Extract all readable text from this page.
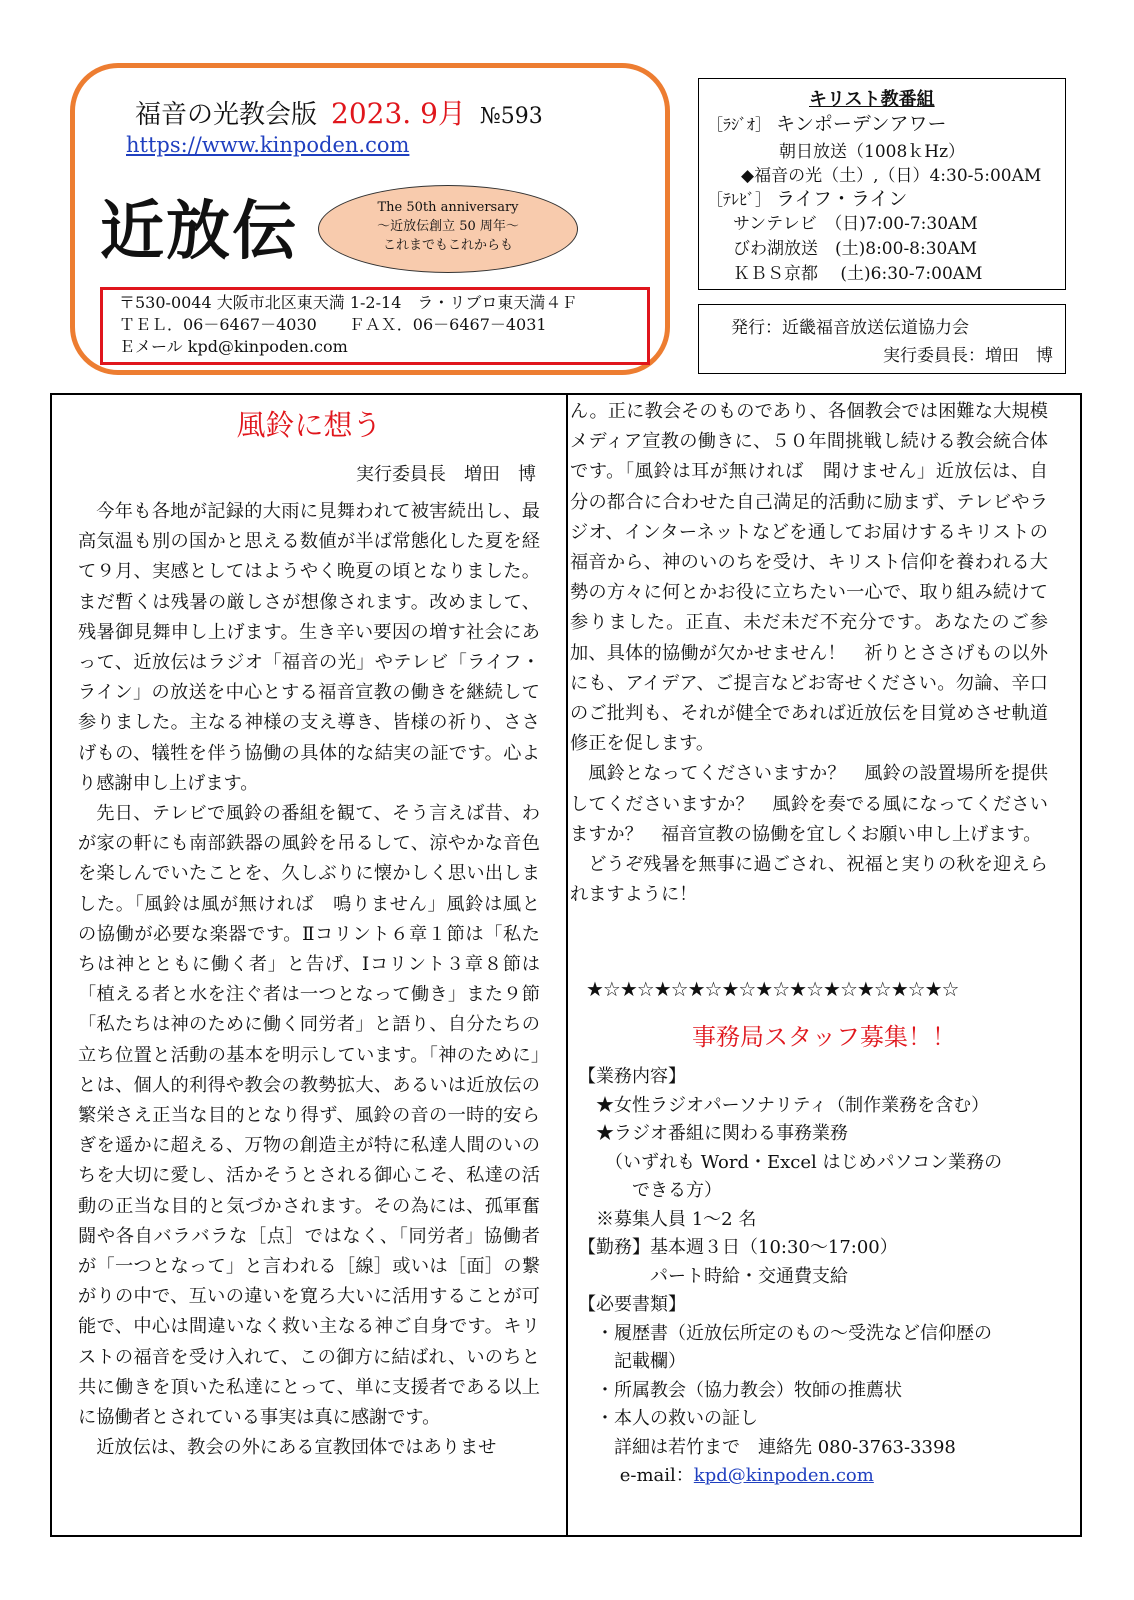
福音の光教会版 2023. 9月 №593
https://www.kinpoden.com
近放伝	The 50th anniversary
～近放伝創立 50 周年～
これまでもこれからも
〒530-0044 大阪市北区東天満 1-2-14　ラ・リブロ東天満４Ｆ
ＴＥＬ．06－6467－4030　　ＦＡＸ．06－6467－4031
Ｅメール kpd@kinpoden.com
キリスト教番組
［ﾗｼﾞｵ］ キンポーデンアワー
朝日放送（1008ｋHz）
◆福音の光（土）,（日）4:30-5:00AM
［ﾃﾚﾋﾞ］ ライフ・ライン
サンテレビ　（日)7:00-7:30AM
びわ湖放送　(土)8:00-8:30AM
ＫＢＳ京都　 (土)6:30-7:00AM
発行：近畿福音放送伝道協力会
実行委員長：増田　博
風鈴に想う
実行委員長　増田　博

今年も各地が記録的大雨に見舞われて被害続出し、最高気温も別の国かと思える数値が半ば常態化した夏を経て９月、実感としてはようやく晩夏の頃となりました。まだ暫くは残暑の厳しさが想像されます。改めまして、残暑御見舞申し上げます。生き辛い要因の増す社会にあって、近放伝はラジオ「福音の光」やテレビ「ライフ・ライン」の放送を中心とする福音宣教の働きを継続して参りました。主なる神様の支え導き、皆様の祈り、ささげもの、犠牲を伴う協働の具体的な結実の証です。心より感謝申し上げます。

先日、テレビで風鈴の番組を観て、そう言えば昔、わが家の軒にも南部鉄器の風鈴を吊るして、涼やかな音色を楽しんでいたことを、久しぶりに懐かしく思い出しました。「風鈴は風が無ければ　鳴りません」風鈴は風との協働が必要な楽器です。Ⅱコリント６章１節は「私たちは神とともに働く者」と告げ、Ⅰコリント３章８節は「植える者と水を注ぐ者は一つとなって働き」また９節「私たちは神のために働く同労者」と語り、自分たちの立ち位置と活動の基本を明示しています。「神のために」とは、個人的利得や教会の教勢拡大、あるいは近放伝の繁栄さえ正当な目的となり得ず、風鈴の音の一時的安らぎを遥かに超える、万物の創造主が特に私達人間のいのちを大切に愛し、活かそうとされる御心こそ、私達の活動の正当な目的と気づかされます。その為には、孤軍奮闘や各自バラバラな［点］ではなく、「同労者」協働者が「一つとなって」と言われる［線］或いは［面］の繋がりの中で、互いの違いを寛ろ大いに活用することが可能で、中心は間違いなく救い主なる神ご自身です。キリストの福音を受け入れて、この御方に結ばれ、いのちと共に働きを頂いた私達にとって、単に支援者である以上に協働者とされている事実は真に感謝です。

近放伝は、教会の外にある宣教団体ではありませ

ん。正に教会そのものであり、各個教会では困難な大規模メディア宣教の働きに、５０年間挑戦し続ける教会統合体です。「風鈴は耳が無ければ　聞けません」近放伝は、自分の都合に合わせた自己満足的活動に励まず、テレビやラジオ、インターネットなどを通してお届けするキリストの福音から、神のいのちを受け、キリスト信仰を養われる大勢の方々に何とかお役に立ちたい一心で、取り組み続けて参りました。正直、未だ未だ不充分です。あなたのご参加、具体的協働が欠かせません！　祈りとささげもの以外にも、アイデア、ご提言などお寄せください。勿論、辛口のご批判も、それが健全であれば近放伝を目覚めさせ軌道修正を促します。

風鈴となってくださいますか？　風鈴の設置場所を提供してくださいますか？　風鈴を奏でる風になってくださいますか？　福音宣教の協働を宜しくお願い申し上げます。

どうぞ残暑を無事に過ごされ、祝福と実りの秋を迎えられますように！

★☆★☆★☆★☆★☆★☆★☆★☆★☆★☆★☆
事務局スタッフ募集！！
【業務内容】
　★女性ラジオパーソナリティ（制作業務を含む）
　★ラジオ番組に関わる事務業務
　　（いずれも Word・Excel はじめパソコン業務の
　　　できる方）
　※募集人員 1～2 名
【勤務】基本週３日（10:30～17:00）
　　　　パート時給・交通費支給
【必要書類】
　・履歴書（近放伝所定のもの～受洗など信仰歴の
　　記載欄）
　・所属教会（協力教会）牧師の推薦状
　・本人の救いの証し
　　詳細は若竹まで　連絡先 080-3763-3398
　　 e-mail：kpd@kinpoden.com
